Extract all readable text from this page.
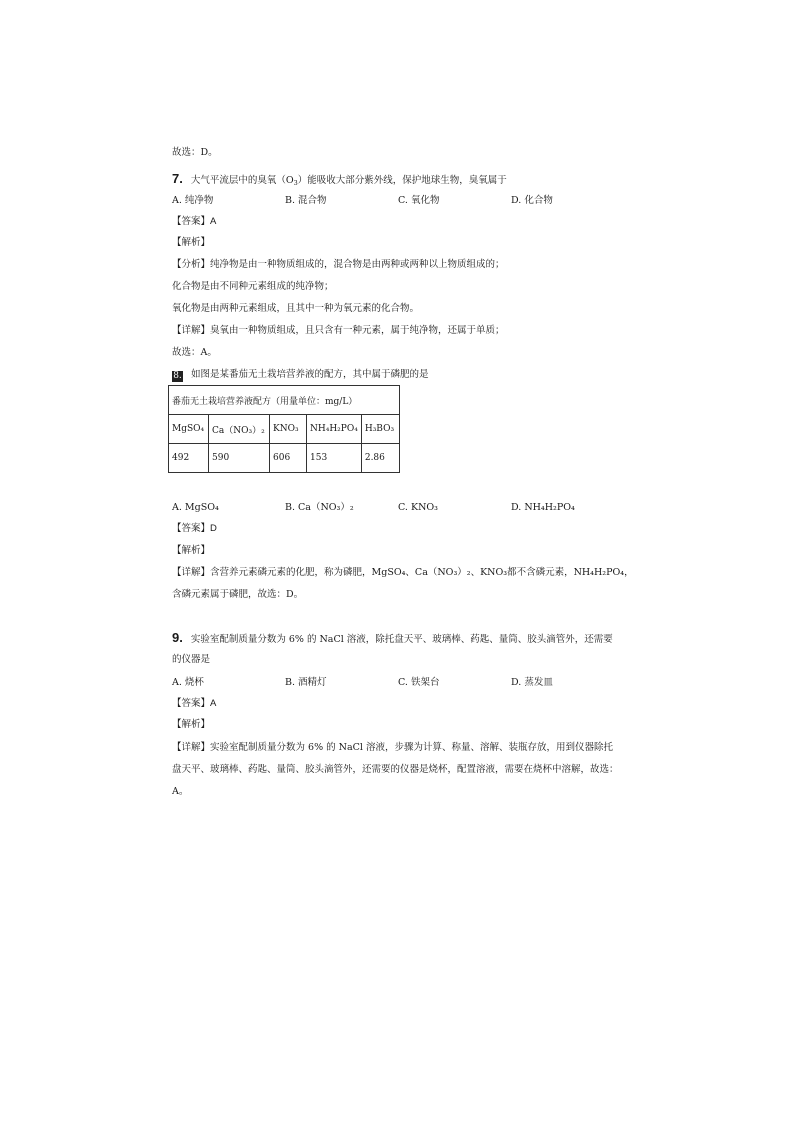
故选：D。
7. 大气平流层中的臭氧$(O_3)$能吸收大部分紫外线，保护地球生物，臭氧属于
A. 纯净物	B. 混合物	C. 氧化物	D. 化合物
【答案】A
【解析】
【分析】纯净物是由一种物质组成的，混合物是由两种或两种以上物质组成的；
化合物是由不同种元素组成的纯净物；
氧化物是由两种元素组成，且其中一种为氧元素的化合物。
【详解】臭氧由一种物质组成，且只含有一种元素，属于纯净物，还属于单质；
故选：A。
8. 如图是某番茄无土栽培营养液的配方，其中属于磷肥的是
番茄无土栽培营养液配方（用量单位：mg/L）				
MgSO₄	Ca（NO₃）₂	KNO₃	NH₄H₂PO₄	H₃BO₃
492	590	606	153	2.86
A. MgSO₄	B. Ca（NO₃）₂	C. KNO₃	D. NH₄H₂PO₄
【答案】D
【解析】
【详解】含营养元素磷元素的化肥，称为磷肥，MgSO₄、Ca（NO₃）₂、KNO₃都不含磷元素，NH₄H₂PO₄，
含磷元素属于磷肥，故选：D。
9. 实验室配制质量分数为 6% 的 NaCl 溶液，除托盘天平、玻璃棒、药匙、量筒、胶头滴管外，还需要
的仪器是
A. 烧杯	B. 酒精灯	C. 铁架台	D. 蒸发皿
【答案】A
【解析】
【详解】实验室配制质量分数为 6% 的 NaCl 溶液，步骤为计算、称量、溶解、装瓶存放，用到仪器除托
盘天平、玻璃棒、药匙、量筒、胶头滴管外，还需要的仪器是烧杯，配置溶液，需要在烧杯中溶解，故选：
A。
